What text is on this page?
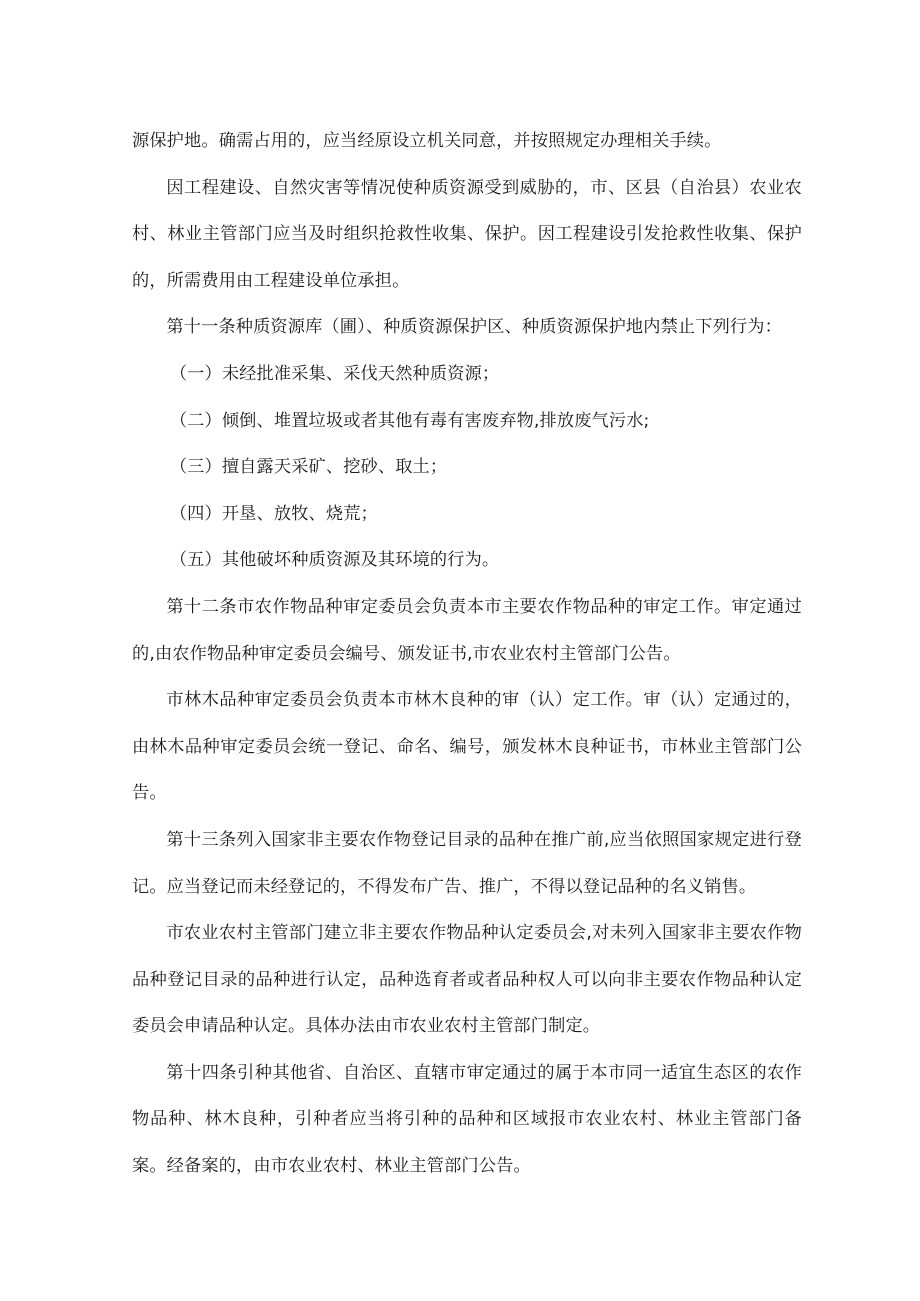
源保护地。确需占用的，应当经原设立机关同意，并按照规定办理相关手续。

因工程建设、自然灾害等情况使种质资源受到威胁的，市、区县（自治县）农业农村、林业主管部门应当及时组织抢救性收集、保护。因工程建设引发抢救性收集、保护的，所需费用由工程建设单位承担。

第十一条种质资源库（圃）、种质资源保护区、种质资源保护地内禁止下列行为：

（一）未经批准采集、采伐天然种质资源；

（二）倾倒、堆置垃圾或者其他有毒有害废弃物,排放废气污水;

（三）擅自露天采矿、挖砂、取土；

（四）开垦、放牧、烧荒；

（五）其他破坏种质资源及其环境的行为。

第十二条市农作物品种审定委员会负责本市主要农作物品种的审定工作。审定通过的,由农作物品种审定委员会编号、颁发证书,市农业农村主管部门公告。

市林木品种审定委员会负责本市林木良种的审（认）定工作。审（认）定通过的，由林木品种审定委员会统一登记、命名、编号，颁发林木良种证书，市林业主管部门公告。

第十三条列入国家非主要农作物登记目录的品种在推广前,应当依照国家规定进行登记。应当登记而未经登记的，不得发布广告、推广，不得以登记品种的名义销售。

市农业农村主管部门建立非主要农作物品种认定委员会,对未列入国家非主要农作物品种登记目录的品种进行认定，品种选育者或者品种权人可以向非主要农作物品种认定委员会申请品种认定。具体办法由市农业农村主管部门制定。

第十四条引种其他省、自治区、直辖市审定通过的属于本市同一适宜生态区的农作物品种、林木良种，引种者应当将引种的品种和区域报市农业农村、林业主管部门备案。经备案的，由市农业农村、林业主管部门公告。
